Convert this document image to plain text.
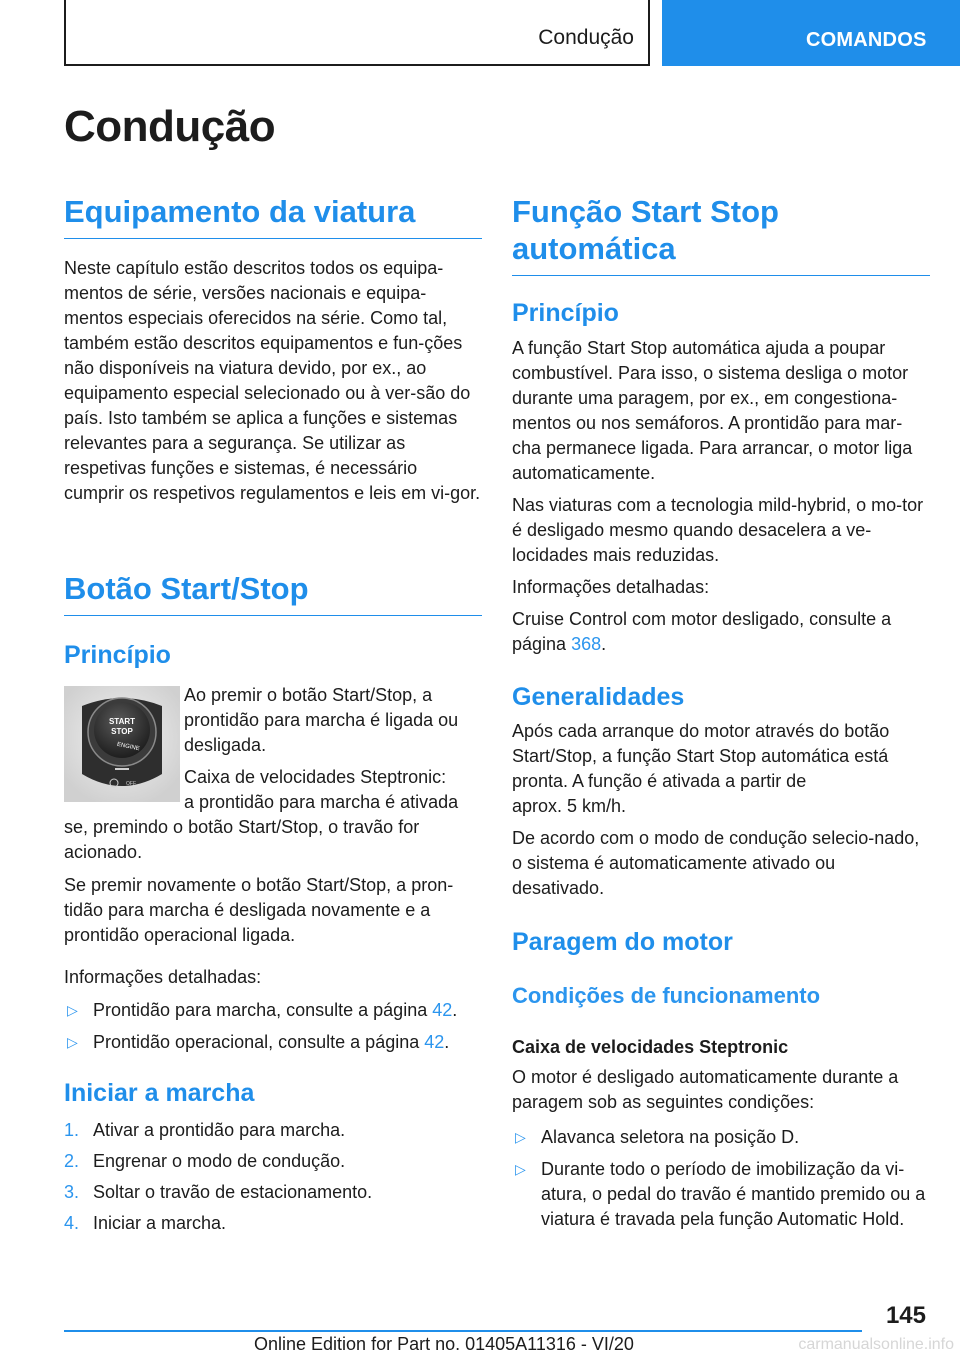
Condução	COMANDOS
Condução
Equipamento da viatura
Neste capítulo estão descritos todos os equipa-mentos de série, versões nacionais e equipa-mentos especiais oferecidos na série. Como tal, também estão descritos equipamentos e fun-ções não disponíveis na viatura devido, por ex., ao equipamento especial selecionado ou à ver-são do país. Isto também se aplica a funções e sistemas relevantes para a segurança. Se utilizar as respetivas funções e sistemas, é necessário cumprir os respetivos regulamentos e leis em vi-gor.
Botão Start/Stop
Princípio
START
STOP
ENGINE
OFF
Ao premir o botão Start/Stop, a prontidão para marcha é ligada ou desligada.
Caixa de velocidades Steptronic:
a prontidão para marcha é ativada
se, premindo o botão Start/Stop, o travão for acionado.
Se premir novamente o botão Start/Stop, a pron-tidão para marcha é desligada novamente e a prontidão operacional ligada.
Informações detalhadas:
▷ Prontidão para marcha, consulte a página 42.
▷ Prontidão operacional, consulte a página 42.
Iniciar a marcha
1. Ativar a prontidão para marcha.
2. Engrenar o modo de condução.
3. Soltar o travão de estacionamento.
4. Iniciar a marcha.
Função Start Stop
automática
Princípio
A função Start Stop automática ajuda a poupar combustível. Para isso, o sistema desliga o motor durante uma paragem, por ex., em congestiona-mentos ou nos semáforos. A prontidão para mar-cha permanece ligada. Para arrancar, o motor liga automaticamente.
Nas viaturas com a tecnologia mild-hybrid, o mo-tor é desligado mesmo quando desacelera a ve-locidades mais reduzidas.
Informações detalhadas:
Cruise Control com motor desligado, consulte a página 368.
Generalidades
Após cada arranque do motor através do botão Start/Stop, a função Start Stop automática está pronta. A função é ativada a partir de
aprox. 5 km/h.
De acordo com o modo de condução selecio-nado, o sistema é automaticamente ativado ou desativado.
Paragem do motor
Condições de funcionamento
Caixa de velocidades Steptronic
O motor é desligado automaticamente durante a paragem sob as seguintes condições:
▷ Alavanca seletora na posição D.
▷ Durante todo o período de imobilização da vi-atura, o pedal do travão é mantido premido ou a viatura é travada pela função Automatic Hold.
145
Online Edition for Part no. 01405A11316 - VI/20	carmanualsonline.info
